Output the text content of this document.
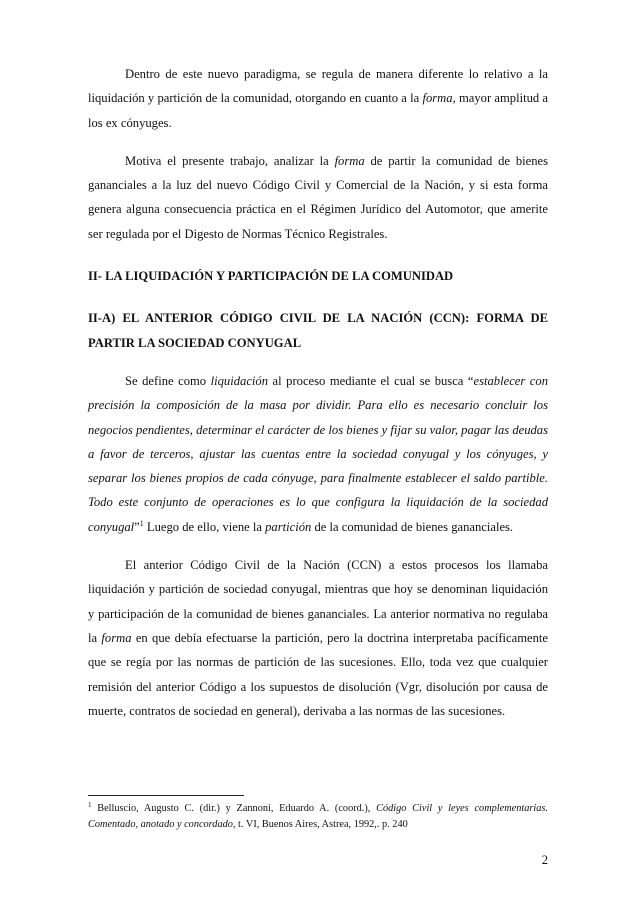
Dentro de este nuevo paradigma, se regula de manera diferente lo relativo a la liquidación y partición de la comunidad, otorgando en cuanto a la forma, mayor amplitud a los ex cónyuges.

Motiva el presente trabajo, analizar la forma de partir la comunidad de bienes gananciales a la luz del nuevo Código Civil y Comercial de la Nación, y si esta forma genera alguna consecuencia práctica en el Régimen Jurídico del Automotor, que amerite ser regulada por el Digesto de Normas Técnico Registrales.

II- LA LIQUIDACIÓN Y PARTICIPACIÓN DE LA COMUNIDAD
II-A) EL ANTERIOR CÓDIGO CIVIL DE LA NACIÓN (CCN): FORMA DE PARTIR LA SOCIEDAD CONYUGAL

Se define como liquidación al proceso mediante el cual se busca “establecer con precisión la composición de la masa por dividir. Para ello es necesario concluir los negocios pendientes, determinar el carácter de los bienes y fijar su valor, pagar las deudas a favor de terceros, ajustar las cuentas entre la sociedad conyugal y los cónyuges, y separar los bienes propios de cada cónyuge, para finalmente establecer el saldo partible. Todo este conjunto de operaciones es lo que configura la liquidación de la sociedad conyugal”$^1$ Luego de ello, viene la partición de la comunidad de bienes gananciales.

El anterior Código Civil de la Nación (CCN) a estos procesos los llamaba liquidación y partición de sociedad conyugal, mientras que hoy se denominan liquidación y participación de la comunidad de bienes gananciales. La anterior normativa no regulaba la forma en que debía efectuarse la partición, pero la doctrina interpretaba pacíficamente que se regía por las normas de partición de las sucesiones. Ello, toda vez que cualquier remisión del anterior Código a los supuestos de disolución (Vgr, disolución por causa de muerte, contratos de sociedad en general), derivaba a las normas de las sucesiones.

$^1$ Belluscio, Augusto C. (dir.) y Zannoni, Eduardo A. (coord.), Código Civil y leyes complementarias. Comentado, anotado y concordado, t. VI, Buenos Aires, Astrea, 1992,. p. 240
2
